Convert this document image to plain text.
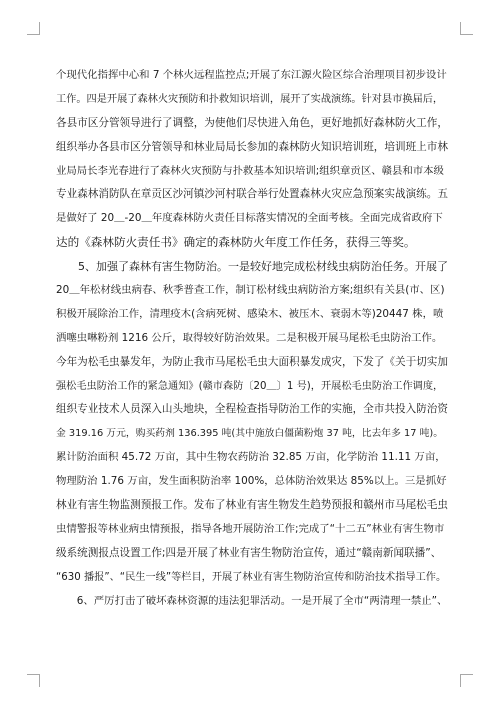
个现代化指挥中心和 7 个林火远程监控点;开展了东江源火险区综合治理项目初步设计
工作。四是开展了森林火灾预防和扑救知识培训，展开了实战演练。针对县市换届后，
各县市区分管领导进行了调整，为使他们尽快进入角色，更好地抓好森林防火工作，
组织举办各县市区分管领导和林业局局长参加的森林防火知识培训班，培训班上市林
业局局长李光春进行了森林火灾预防与扑救基本知识培训;组织章贡区、赣县和市本级
专业森林消防队在章贡区沙河镇沙河村联合举行处置森林火灾应急预案实战演练。五
是做好了 20＿-20＿年度森林防火责任目标落实情况的全面考核。全面完成省政府下
达的《森林防火责任书》确定的森林防火年度工作任务，获得三等奖。
　　5、加强了森林有害生物防治。一是较好地完成松材线虫病防治任务。开展了
20＿年松材线虫病春、秋季普查工作，制订松材线虫病防治方案;组织有关县(市、区)
积极开展除治工作，清理疫木(含病死树、感染木、被压木、衰弱木等)20447 株，喷
洒噻虫啉粉剂 1216 公斤，取得较好防治效果。二是积极开展马尾松毛虫防治工作。
今年为松毛虫暴发年，为防止我市马尾松毛虫大面积暴发成灾，下发了《关于切实加
强松毛虫防治工作的紧急通知》(赣市森防〔20＿〕1 号)，开展松毛虫防治工作调度，
组织专业技术人员深入山头地块，全程检查指导防治工作的实施，全市共投入防治资
金 319.16 万元，购买药剂 136.395 吨(其中施放白僵菌粉炮 37 吨，比去年多 17 吨)。
累计防治面积 45.72 万亩，其中生物农药防治 32.85 万亩，化学防治 11.11 万亩，
物理防治 1.76 万亩，发生面积防治率 100%，总体防治效果达 85%以上。三是抓好
林业有害生物监测预报工作。发布了林业有害生物发生趋势预报和赣州市马尾松毛虫
虫情警报等林业病虫情预报，指导各地开展防治工作;完成了“十二五”林业有害生物市
级系统测报点设置工作;四是开展了林业有害生物防治宣传，通过“赣南新闻联播”、
“630 播报”、“民生一线”等栏目，开展了林业有害生物防治宣传和防治技术指导工作。
　　6、严厉打击了破坏森林资源的违法犯罪活动。一是开展了全市“两清理一禁止”、
